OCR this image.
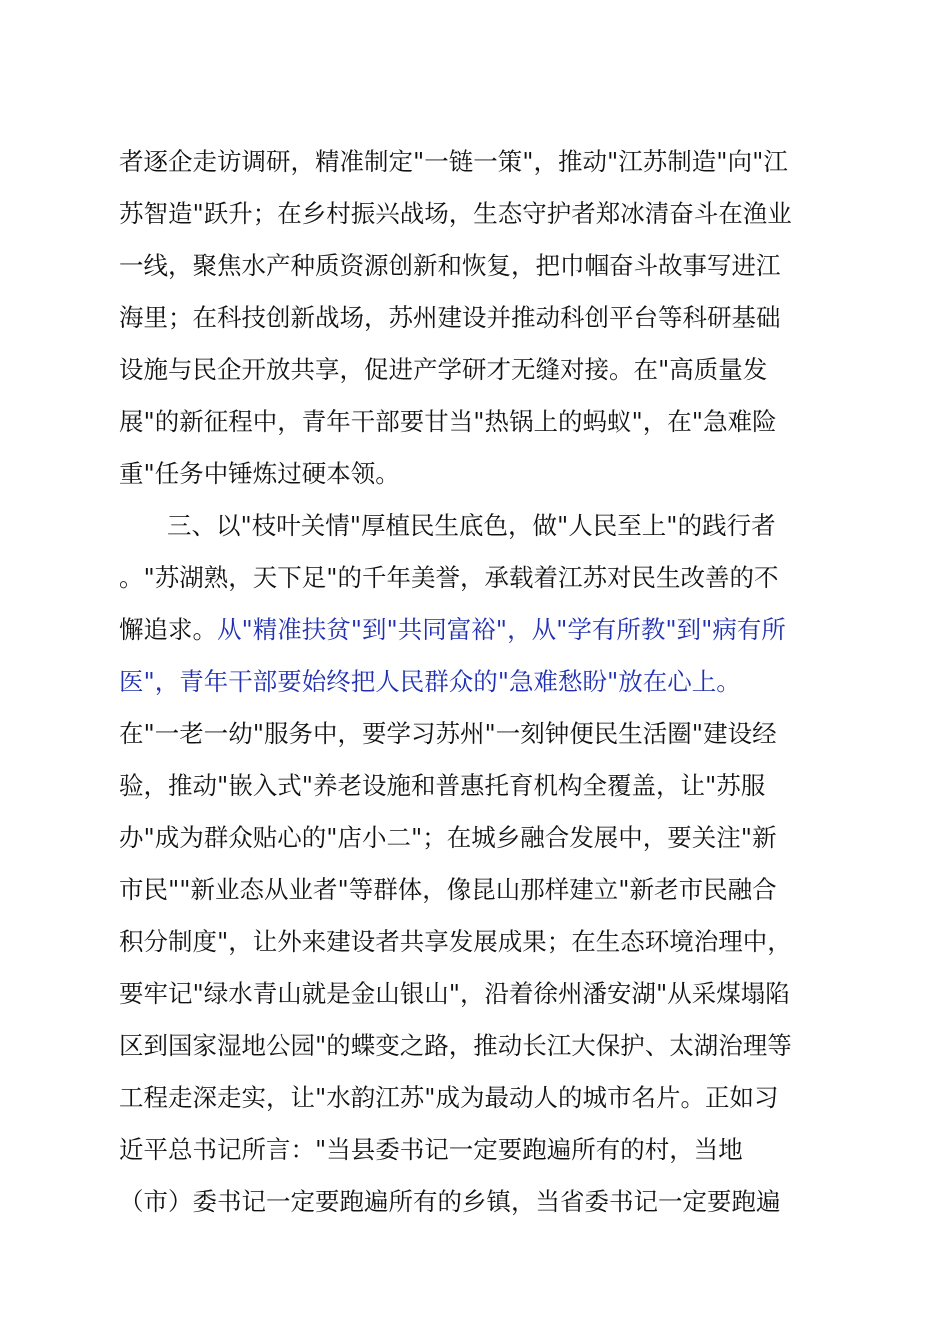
者逐企走访调研，精准制定"一链一策"，推动"江苏制造"向"江
苏智造"跃升；在乡村振兴战场，生态守护者郑冰清奋斗在渔业
一线，聚焦水产种质资源创新和恢复，把巾帼奋斗故事写进江
海里；在科技创新战场，苏州建设并推动科创平台等科研基础
设施与民企开放共享，促进产学研才无缝对接。在"高质量发
展"的新征程中，青年干部要甘当"热锅上的蚂蚁"，在"急难险
重"任务中锤炼过硬本领。
三、以"枝叶关情"厚植民生底色，做"人民至上"的践行者
。"苏湖熟，天下足"的千年美誉，承载着江苏对民生改善的不
懈追求。从"精准扶贫"到"共同富裕"，从"学有所教"到"病有所
医"，青年干部要始终把人民群众的"急难愁盼"放在心上。
在"一老一幼"服务中，要学习苏州"一刻钟便民生活圈"建设经
验，推动"嵌入式"养老设施和普惠托育机构全覆盖，让"苏服
办"成为群众贴心的"店小二"；在城乡融合发展中，要关注"新
市民""新业态从业者"等群体，像昆山那样建立"新老市民融合
积分制度"，让外来建设者共享发展成果；在生态环境治理中，
要牢记"绿水青山就是金山银山"，沿着徐州潘安湖"从采煤塌陷
区到国家湿地公园"的蝶变之路，推动长江大保护、太湖治理等
工程走深走实，让"水韵江苏"成为最动人的城市名片。正如习
近平总书记所言："当县委书记一定要跑遍所有的村，当地
（市）委书记一定要跑遍所有的乡镇，当省委书记一定要跑遍
